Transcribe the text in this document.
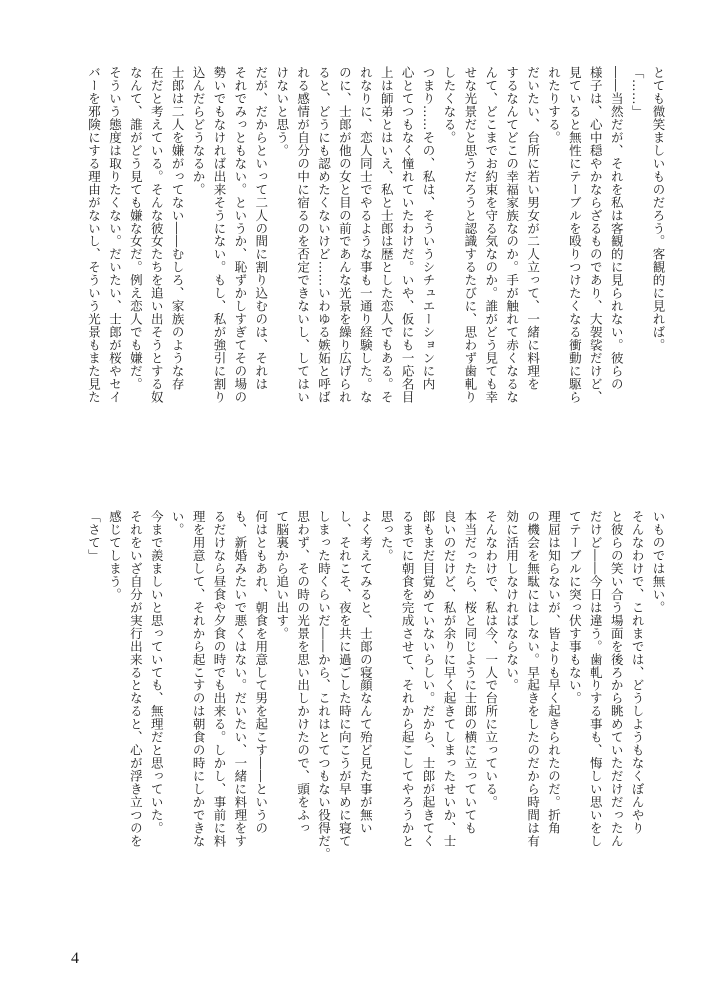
とても微笑ましいものだろう。客観的に見れば。
「……」
――当然だが、それを私は客観的に見られない。彼らの
様子は、心中穏やかならざるものであり、大袈裟だけど、
見ていると無性にテーブルを殴りつけたくなる衝動に駆ら
れたりする。
だいたい、台所に若い男女が二人立って、一緒に料理を
するなんてどこの幸福家族なのか。手が触れて赤くなるな
んて、どこまでお約束を守る気なのか。誰がどう見ても幸
せな光景だと思うだろうと認識するたびに、思わず歯軋り
したくなる。
つまり……その、私は、そういうシチュエーションに内
心とてつもなく憧れていたわけだ。いや、仮にも一応名目
上は師弟とはいえ、私と士郎は歴とした恋人でもある。そ
れなりに、恋人同士でやるような事も一通り経験した。な
のに、士郎が他の女と目の前であんな光景を繰り広げられ
ると、どうにも認めたくないけど……いわゆる嫉妬と呼ば
れる感情が自分の中に宿るのを否定できないし、してはい
けないと思う。
だが、だからといって二人の間に割り込むのは、それは
それでみっともない。というか、恥ずかしすぎてその場の
勢いでもなければ出来そうにない。もし、私が強引に割り
込んだらどうなるか。
士郎は二人を嫌がってない――むしろ、家族のような存
在だと考えている。そんな彼女たちを追い出そうとする奴
なんて、誰がどう見ても嫌な女だ。例え恋人でも嫌だ。
そういう態度は取りたくない。だいたい、士郎が桜やセイ
バーを邪険にする理由がないし、そういう光景もまた見た
いものでは無い。
そんなわけで、これまでは、どうしようもなくぼんやり
と彼らの笑い合う場面を後ろから眺めていただけだったん
だけど――今日は違う。歯軋りする事も、悔しい思いをし
てテーブルに突っ伏す事もない。
理屈は知らないが、皆よりも早く起きられたのだ。折角
の機会を無駄にはしない。早起きをしたのだから時間は有
効に活用しなければならない。
そんなわけで、私は今、一人で台所に立っている。
本当だったら、桜と同じように士郎の横に立っていても
良いのだけど、私が余りに早く起きてしまったせいか、士
郎もまだ目覚めていないらしい。だから、士郎が起きてく
るまでに朝食を完成させて、それから起こしてやろうかと
思った。
よく考えてみると、士郎の寝顔なんて殆ど見た事が無い
し、それこそ、夜を共に過ごした時に向こうが早めに寝て
しまった時くらいだ――から、これはとてつもない役得だ。
思わず、その時の光景を思い出しかけたので、頭をふっ
て脳裏から追い出す。
何はともあれ、朝食を用意して男を起こす――というの
も、新婚みたいで悪くはない。だいたい、一緒に料理をす
るだけなら昼食や夕食の時でも出来る。しかし、事前に料
理を用意して、それから起こすのは朝食の時にしかできな
い。
今まで羨ましいと思っていても、無理だと思っていた。
それをいざ自分が実行出来るとなると、心が浮き立つのを
感じてしまう。
「さて」
4
